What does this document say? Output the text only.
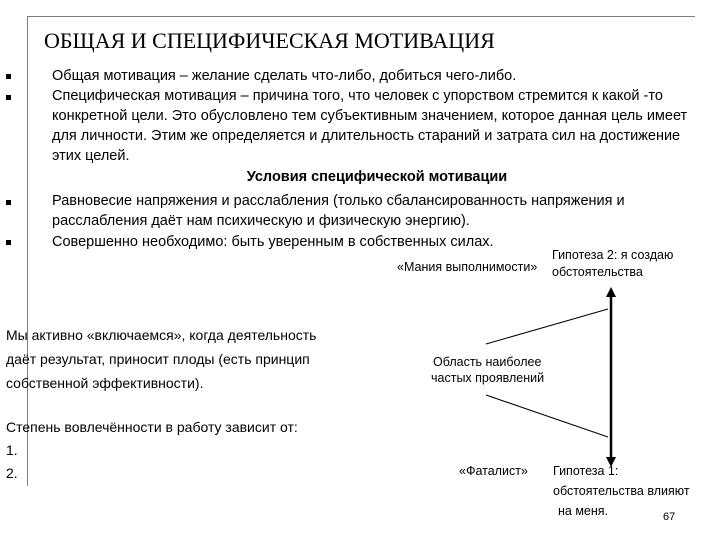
ОБЩАЯ И СПЕЦИФИЧЕСКАЯ МОТИВАЦИЯ
Общая мотивация – желание сделать что-либо, добиться чего-либо.
Специфическая мотивация – причина того, что человек с упорством стремится к какой -то конкретной цели. Это обусловлено тем субъективным значением, которое данная цель имеет для личности. Этим же определяется и длительность стараний и затрата сил на достижение этих целей.
Условия специфической мотивации
Равновесие напряжения и расслабления (только сбалансированность напряжения и расслабления даёт нам психическую и физическую энергию).
Совершенно необходимо: быть уверенным в собственных силах.
Мы активно «включаемся», когда деятельность
даёт результат, приносит плоды (есть принцип
собственной эффективности).
Степень вовлечённости в работу зависит от:
1.
2.
«Мания выполнимости»
Гипотеза 2: я создаю
обстоятельства
Область наиболее
частых проявлений
«Фаталист» Гипотеза 1:
обстоятельства влияют
на меня.	67
